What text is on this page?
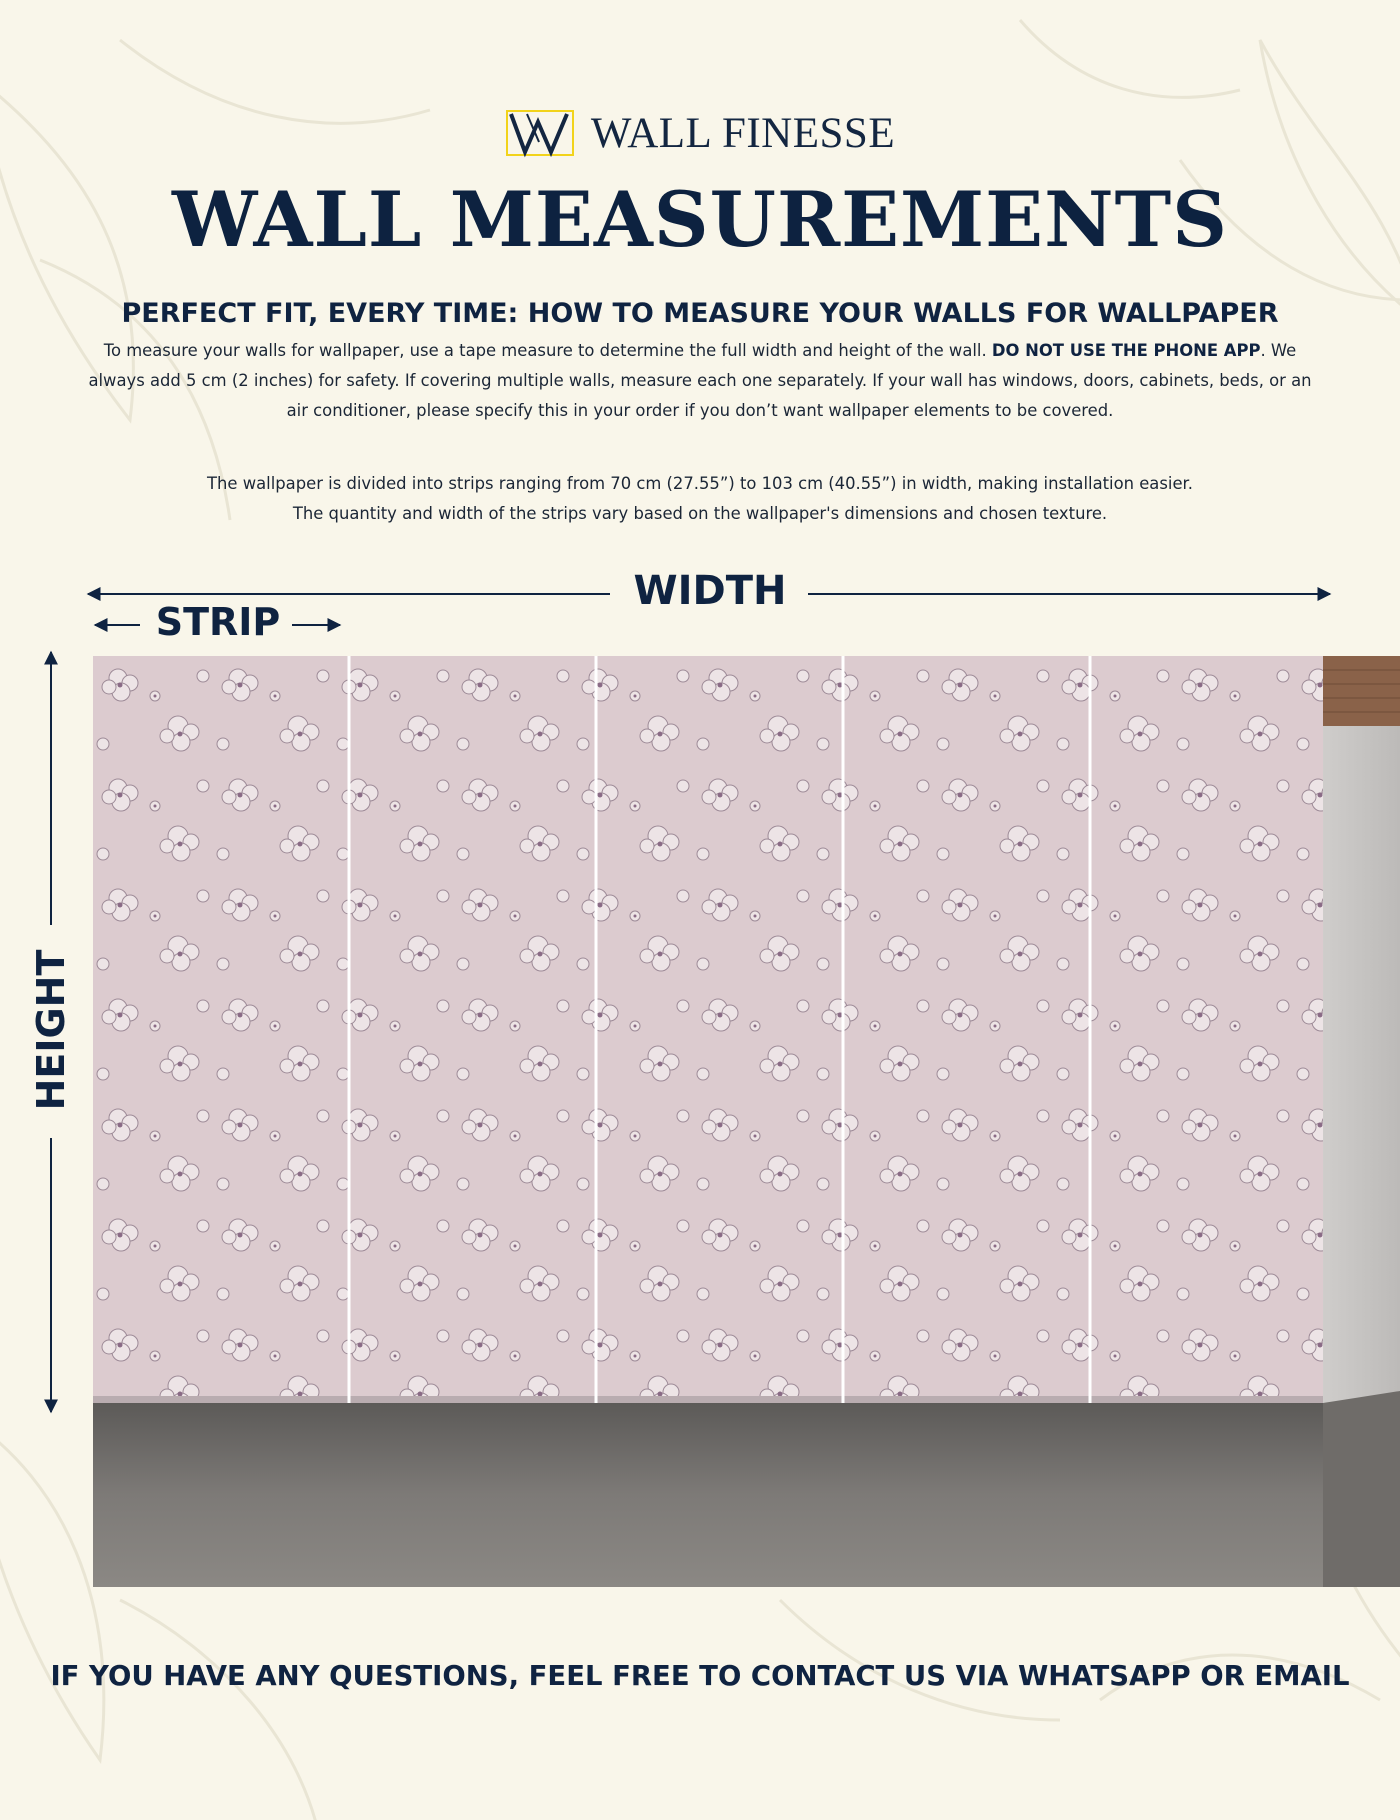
WALL FINESSE
WALL MEASUREMENTS
PERFECT FIT, EVERY TIME: HOW TO MEASURE YOUR WALLS FOR WALLPAPER
To measure your walls for wallpaper, use a tape measure to determine the full width and height of the wall. DO NOT USE THE PHONE APP. We always add 5 cm (2 inches) for safety. If covering multiple walls, measure each one separately. If your wall has windows, doors, cabinets, beds, or an air conditioner, please specify this in your order if you don’t want wallpaper elements to be covered.
The wallpaper is divided into strips ranging from 70 cm (27.55”) to 103 cm (40.55”) in width, making installation easier.
The quantity and width of the strips vary based on the wallpaper's dimensions and chosen texture.
WIDTH
STRIP
HEIGHT
IF YOU HAVE ANY QUESTIONS, FEEL FREE TO CONTACT US VIA WHATSAPP OR EMAIL
